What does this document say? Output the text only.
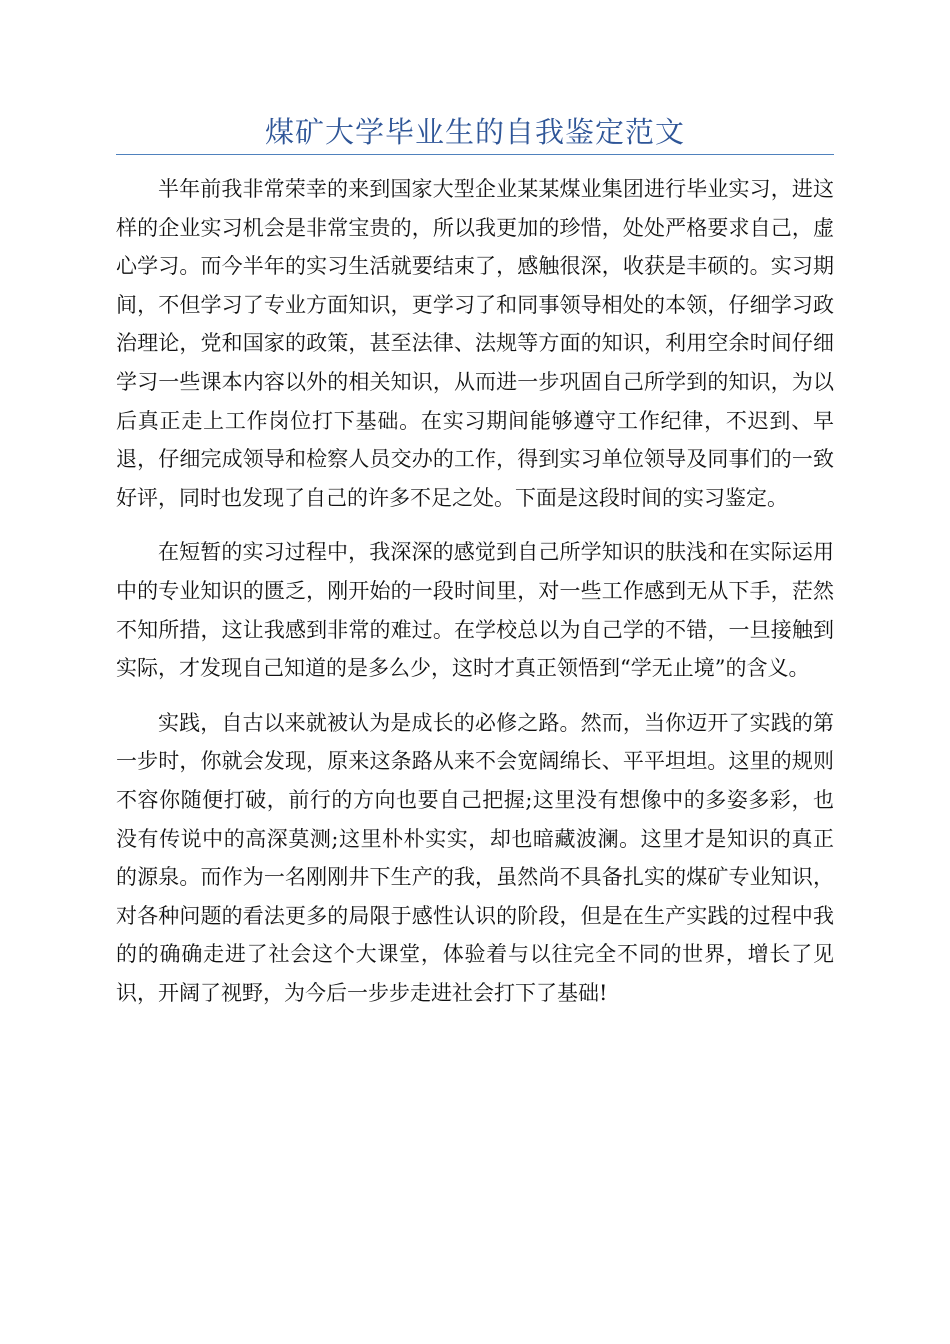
煤矿大学毕业生的自我鉴定范文

半年前我非常荣幸的来到国家大型企业某某煤业集团进行毕业实习，进这样的企业实习机会是非常宝贵的，所以我更加的珍惜，处处严格要求自己，虚心学习。而今半年的实习生活就要结束了，感触很深，收获是丰硕的。实习期间，不但学习了专业方面知识，更学习了和同事领导相处的本领，仔细学习政治理论，党和国家的政策，甚至法律、法规等方面的知识，利用空余时间仔细学习一些课本内容以外的相关知识，从而进一步巩固自己所学到的知识，为以后真正走上工作岗位打下基础。在实习期间能够遵守工作纪律，不迟到、早退，仔细完成领导和检察人员交办的工作，得到实习单位领导及同事们的一致好评，同时也发现了自己的许多不足之处。下面是这段时间的实习鉴定。

在短暂的实习过程中，我深深的感觉到自己所学知识的肤浅和在实际运用中的专业知识的匮乏，刚开始的一段时间里，对一些工作感到无从下手，茫然不知所措，这让我感到非常的难过。在学校总以为自己学的不错，一旦接触到实际，才发现自己知道的是多么少，这时才真正领悟到“学无止境”的含义。

实践，自古以来就被认为是成长的必修之路。然而，当你迈开了实践的第一步时，你就会发现，原来这条路从来不会宽阔绵长、平平坦坦。这里的规则不容你随便打破，前行的方向也要自己把握;这里没有想像中的多姿多彩，也没有传说中的高深莫测;这里朴朴实实，却也暗藏波澜。这里才是知识的真正的源泉。而作为一名刚刚井下生产的我，虽然尚不具备扎实的煤矿专业知识，对各种问题的看法更多的局限于感性认识的阶段，但是在生产实践的过程中我的的确确走进了社会这个大课堂，体验着与以往完全不同的世界，增长了见识，开阔了视野，为今后一步步走进社会打下了基础!
